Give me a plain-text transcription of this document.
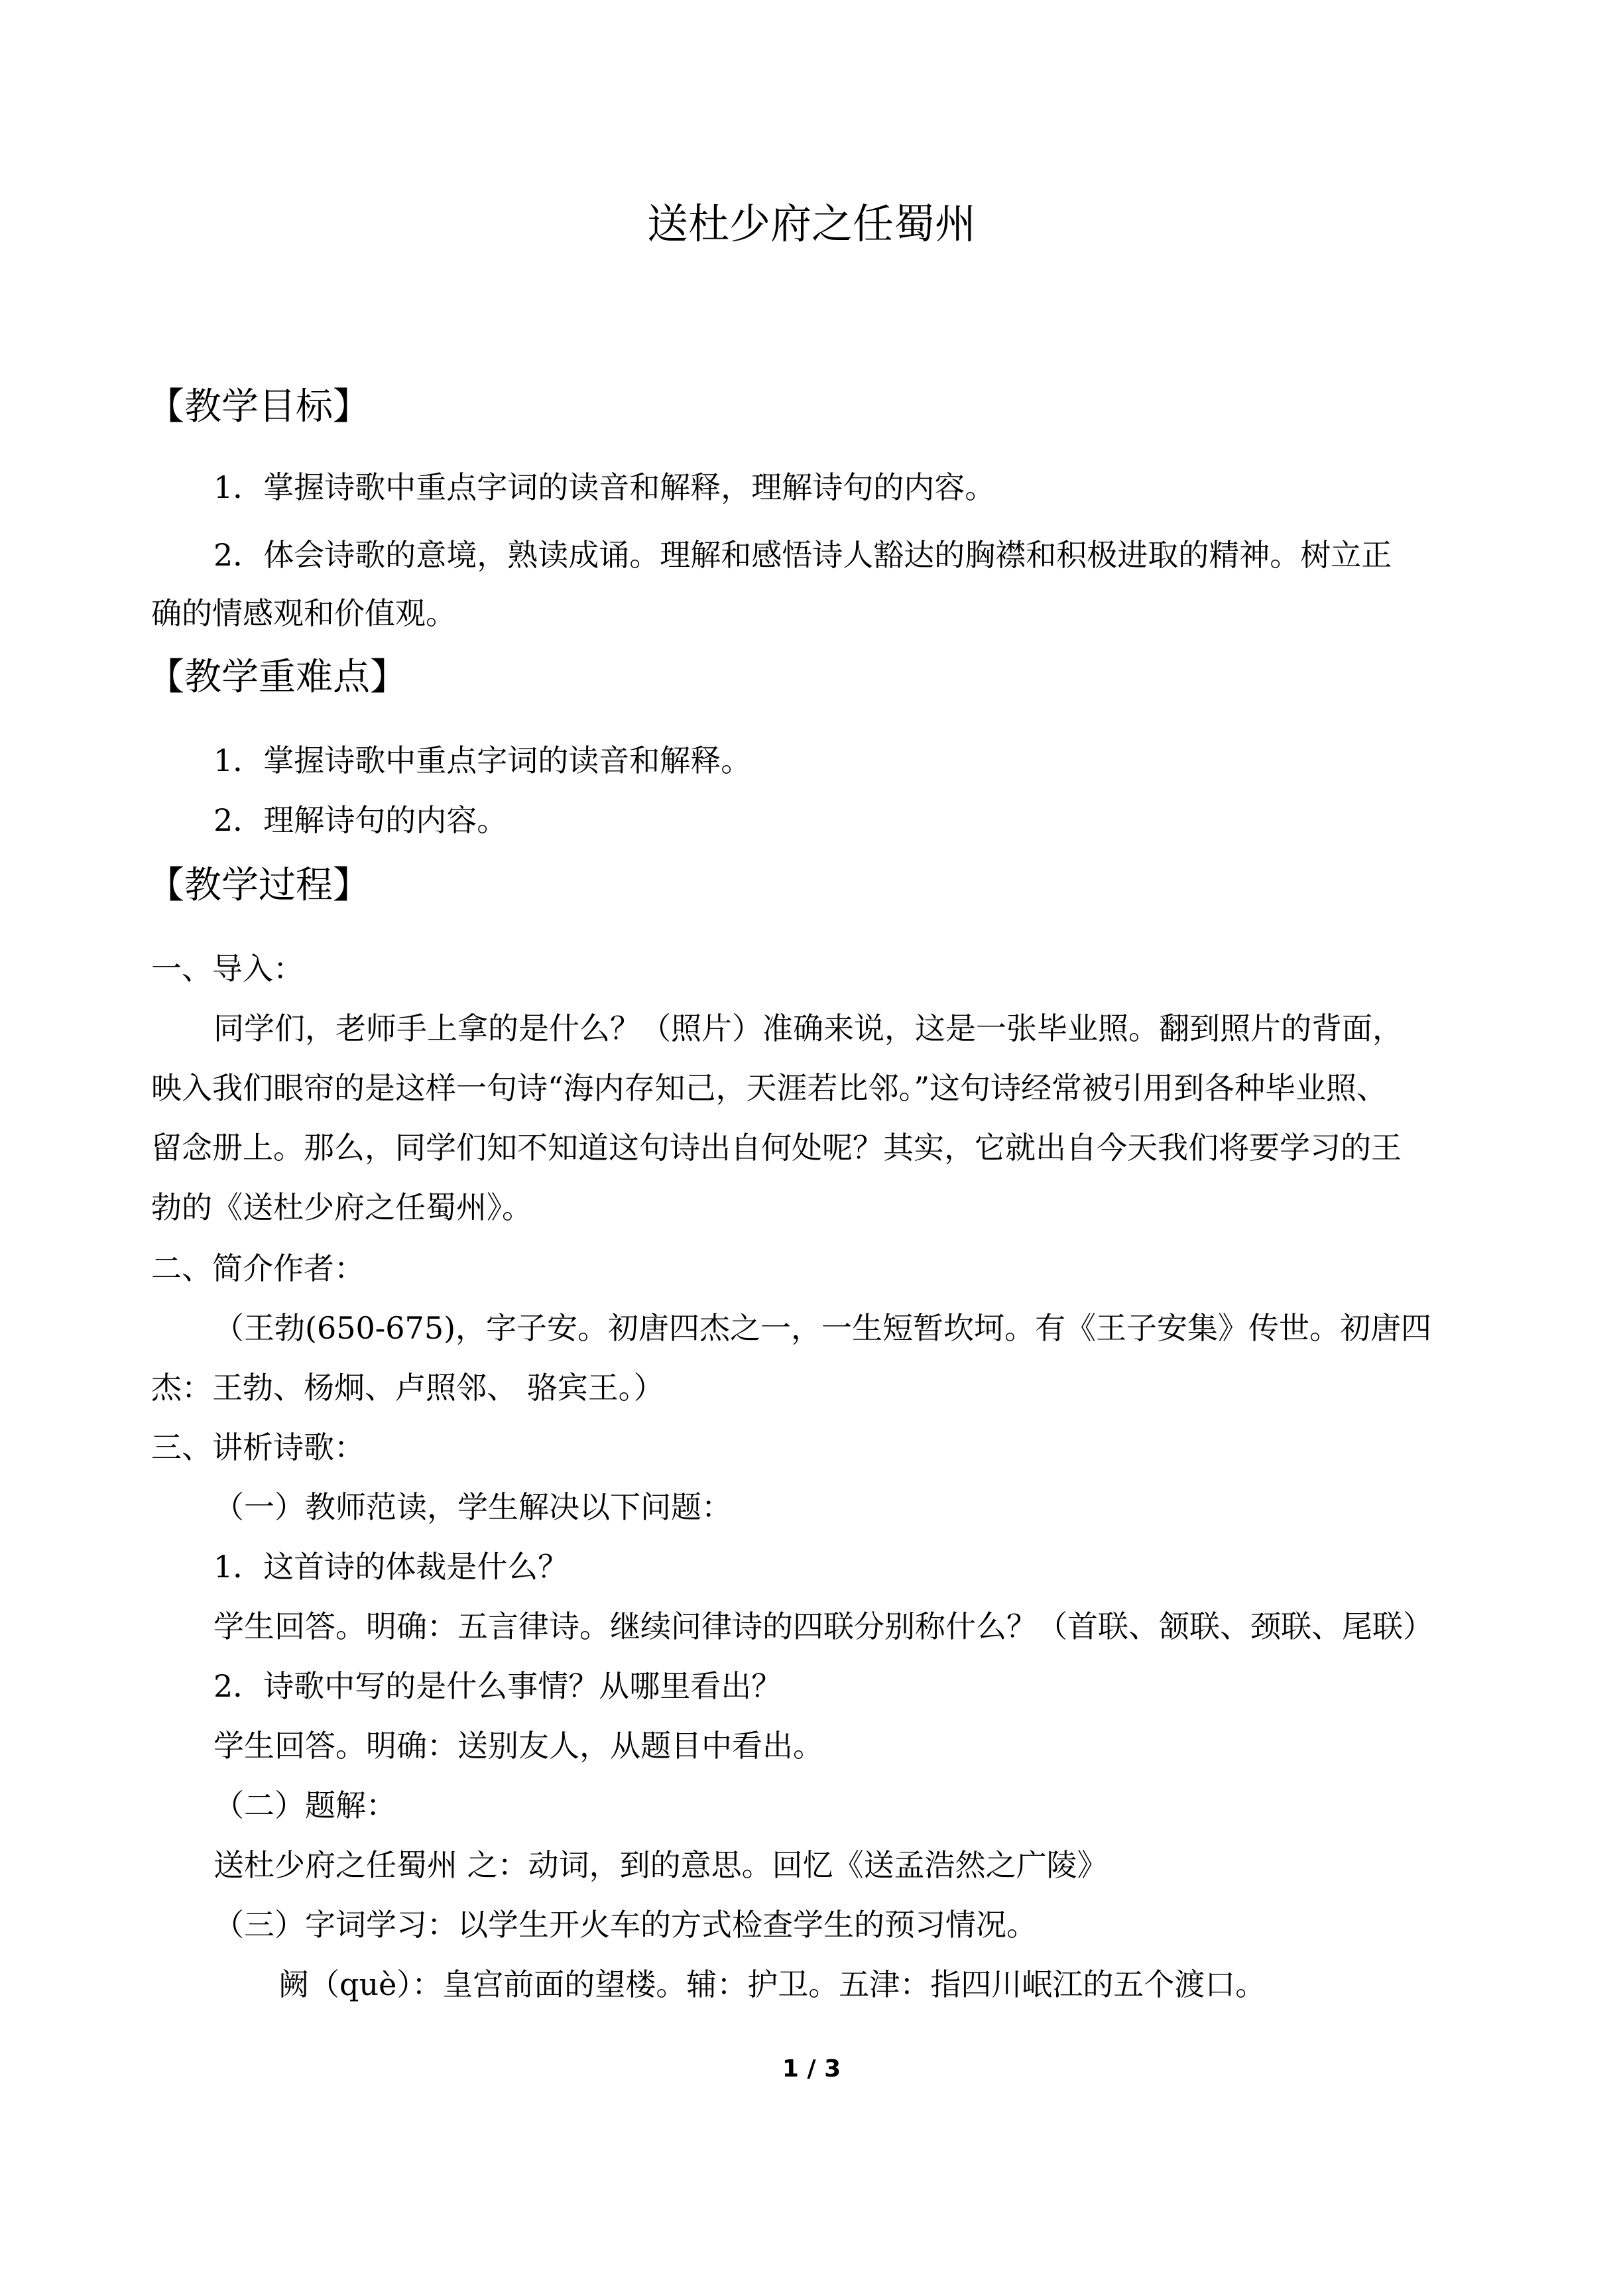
送杜少府之任蜀州
【教学目标】
1．掌握诗歌中重点字词的读音和解释，理解诗句的内容。
2．体会诗歌的意境，熟读成诵。理解和感悟诗人豁达的胸襟和积极进取的精神。树立正
确的情感观和价值观。
【教学重难点】
1．掌握诗歌中重点字词的读音和解释。
2．理解诗句的内容。
【教学过程】
一、导入：
同学们，老师手上拿的是什么？（照片）准确来说，这是一张毕业照。翻到照片的背面，
映入我们眼帘的是这样一句诗“海内存知己，天涯若比邻。”这句诗经常被引用到各种毕业照、
留念册上。那么，同学们知不知道这句诗出自何处呢？其实，它就出自今天我们将要学习的王
勃的《送杜少府之任蜀州》。
二、简介作者：
（王勃(650-675)，字子安。初唐四杰之一，一生短暂坎坷。有《王子安集》传世。初唐四
杰：王勃、杨炯、卢照邻、 骆宾王。）
三、讲析诗歌：
（一）教师范读，学生解决以下问题：
1．这首诗的体裁是什么？
学生回答。明确：五言律诗。继续问律诗的四联分别称什么？（首联、颔联、颈联、尾联）
2．诗歌中写的是什么事情？从哪里看出？
学生回答。明确：送别友人，从题目中看出。
（二）题解：
送杜少府之任蜀州 之：动词，到的意思。回忆《送孟浩然之广陵》
（三）字词学习：以学生开火车的方式检查学生的预习情况。
阙（què）：皇宫前面的望楼。辅：护卫。五津：指四川岷江的五个渡口。
1 / 3
